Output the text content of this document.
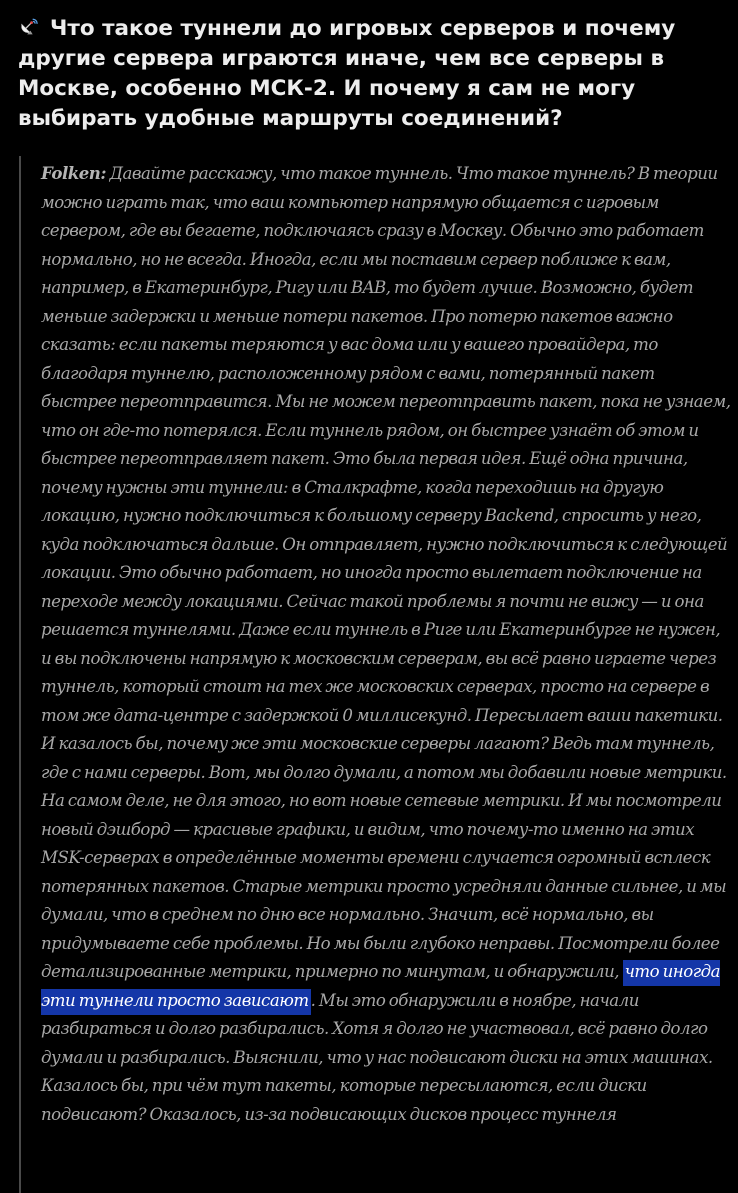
Что такое туннели до игровых серверов и почему другие сервера играются иначе, чем все серверы в Москве, особенно МСК-2. И почему я сам не могу выбирать удобные маршруты соединений?

Folken: Давайте расскажу, что такое туннель. Что такое туннель? В теории можно играть так, что ваш компьютер напрямую общается с игровым сервером, где вы бегаете, подключаясь сразу в Москву. Обычно это работает нормально, но не всегда. Иногда, если мы поставим сервер поближе к вам, например, в Екатеринбург, Ригу или BAB, то будет лучше. Возможно, будет меньше задержки и меньше потери пакетов. Про потерю пакетов важно сказать: если пакеты теряются у вас дома или у вашего провайдера, то благодаря туннелю, расположенному рядом с вами, потерянный пакет быстрее переотправится. Мы не можем переотправить пакет, пока не узнаем, что он где-то потерялся. Если туннель рядом, он быстрее узнаёт об этом и быстрее переотправляет пакет. Это была первая идея. Ещё одна причина, почему нужны эти туннели: в Сталкрафте, когда переходишь на другую локацию, нужно подключиться к большому серверу Backend, спросить у него, куда подключаться дальше. Он отправляет, нужно подключиться к следующей локации. Это обычно работает, но иногда просто вылетает подключение на переходе между локациями. Сейчас такой проблемы я почти не вижу — и она решается туннелями. Даже если туннель в Риге или Екатеринбурге не нужен, и вы подключены напрямую к московским серверам, вы всё равно играете через туннель, который стоит на тех же московских серверах, просто на сервере в том же дата-центре с задержкой 0 миллисекунд. Пересылает ваши пакетики. И казалось бы, почему же эти московские серверы лагают? Ведь там туннель, где с нами серверы. Вот, мы долго думали, а потом мы добавили новые метрики. На самом деле, не для этого, но вот новые сетевые метрики. И мы посмотрели новый дэшборд — красивые графики, и видим, что почему-то именно на этих MSK-серверах в определённые моменты времени случается огромный всплеск потерянных пакетов. Старые метрики просто усредняли данные сильнее, и мы думали, что в среднем по дню все нормально. Значит, всё нормально, вы придумываете себе проблемы. Но мы были глубоко неправы. Посмотрели более детализированные метрики, примерно по минутам, и обнаружили, что иногда эти туннели просто зависают . Мы это обнаружили в ноябре, начали разбираться и долго разбирались. Хотя я долго не участвовал, всё равно долго думали и разбирались. Выяснили, что у нас подвисают диски на этих машинах. Казалось бы, при чём тут пакеты, которые пересылаются, если диски подвисают? Оказалось, из-за подвисающих дисков процесс туннеля
